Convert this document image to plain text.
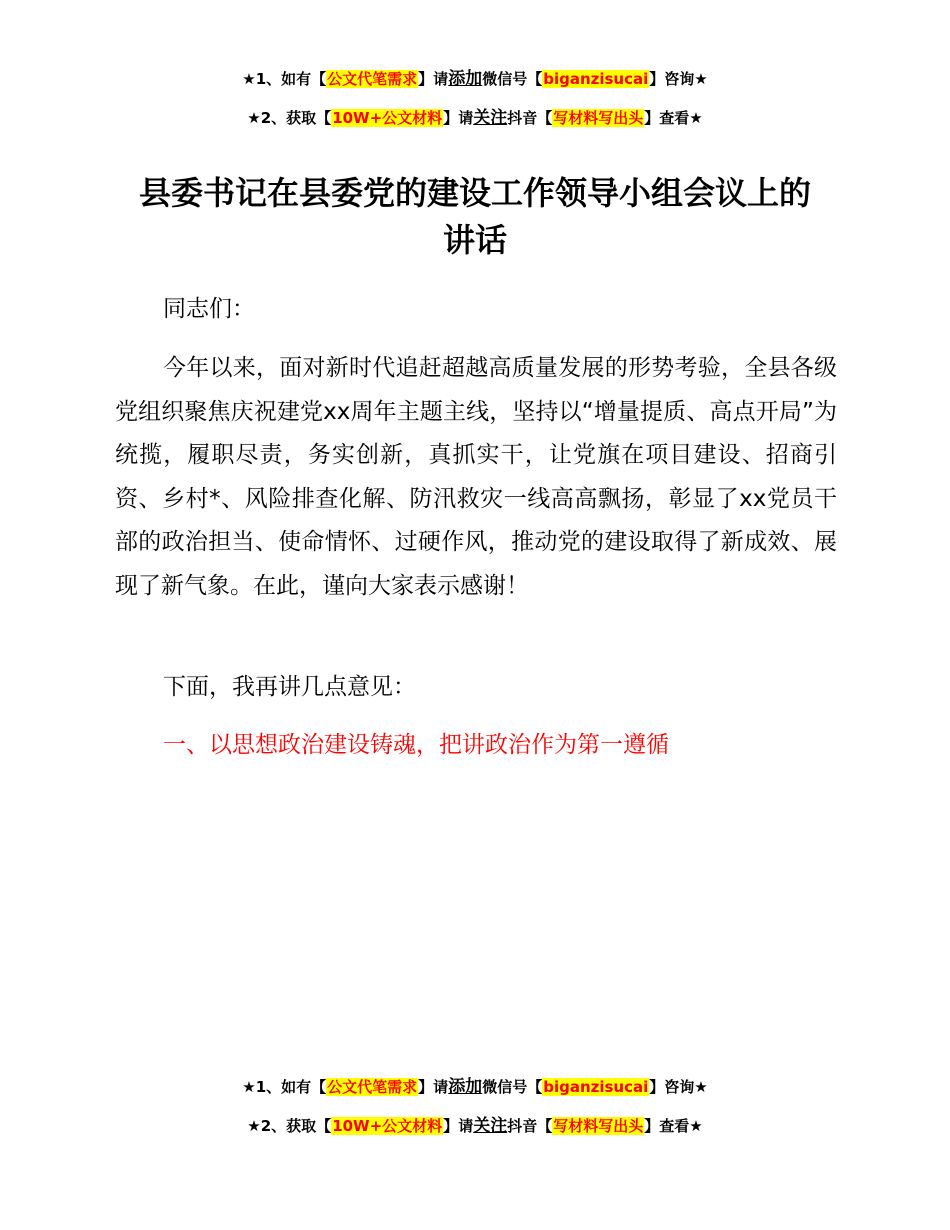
★1、如有【公文代笔需求】请添加微信号【biganzisucai】咨询★
★2、获取【10W+公文材料】请关注抖音【写材料写出头】查看★
县委书记在县委党的建设工作领导小组会议上的
讲话
同志们：
今年以来，面对新时代追赶超越高质量发展的形势考验，全县各级党组织聚焦庆祝建党xx周年主题主线，坚持以“增量提质、高点开局”为统揽，履职尽责，务实创新，真抓实干，让党旗在项目建设、招商引资、乡村*、风险排查化解、防汛救灾一线高高飘扬，彰显了xx党员干部的政治担当、使命情怀、过硬作风，推动党的建设取得了新成效、展现了新气象。在此，谨向大家表示感谢！
下面，我再讲几点意见：
一、以思想政治建设铸魂，把讲政治作为第一遵循
★1、如有【公文代笔需求】请添加微信号【biganzisucai】咨询★
★2、获取【10W+公文材料】请关注抖音【写材料写出头】查看★
